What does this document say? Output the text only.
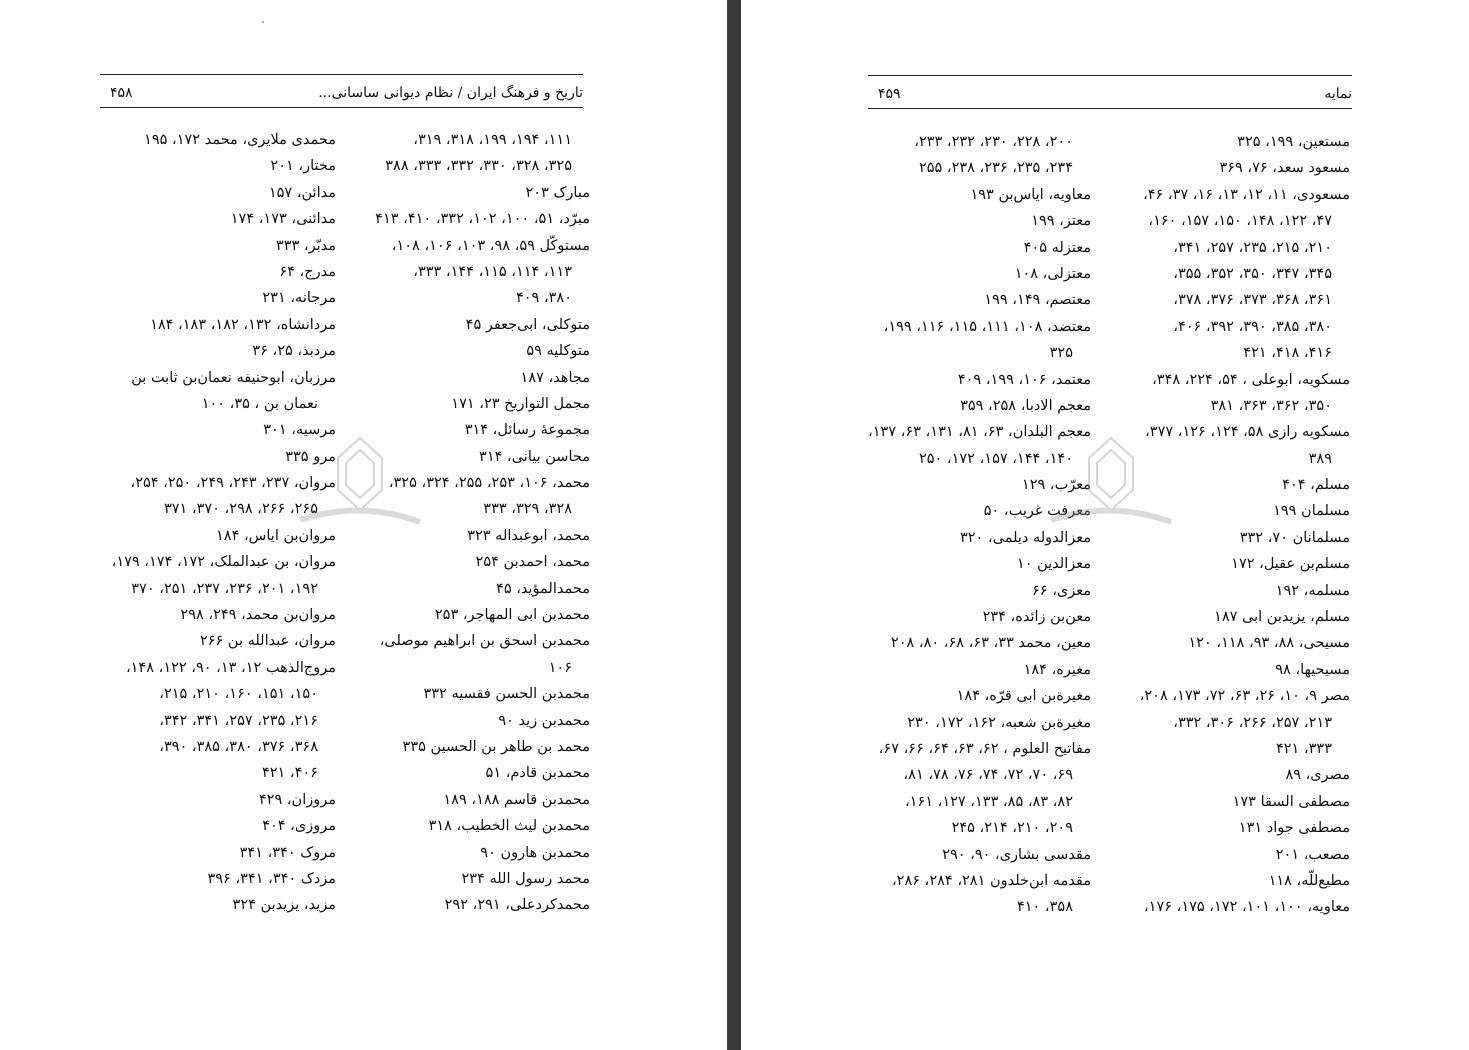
تاریخ و فرهنگ ایران / نظام دیوانی ساسانی...
۴۵۸
۱۱۱، ۱۹۴، ۱۹۹، ۳۱۸، ۳۱۹،
۳۲۵، ۳۲۸، ۳۳۰، ۳۳۲، ۳۳۳، ۳۸۸
مبارک ۲۰۳
مبرّد، ۵۱، ۱۰۰، ۱۰۲، ۳۳۲، ۴۱۰، ۴۱۳
مستوکّل ۵۹، ۹۸، ۱۰۳، ۱۰۶، ۱۰۸،
۱۱۳، ۱۱۴، ۱۱۵، ۱۴۴، ۳۳۳،
۳۸۰، ۴۰۹
متوکلی، ابی‌جعفر ۴۵
متوکلیه ۵۹
مجاهد، ۱۸۷
مجمل التواریخ ۲۳، ۱۷۱
مجموعهٔ رسائل، ۳۱۴
محاسن بیانی، ۳۱۴
محمد، ۱۰۶، ۲۵۳، ۲۵۵، ۳۲۴، ۳۲۵،
۳۲۸، ۳۲۹، ۳۳۳
محمد، ابوعبداله ۳۲۳
محمد، احمدبن ۲۵۴
محمدالمؤید، ۴۵
محمدبن ابی المهاجر، ۲۵۳
محمدبن اسحق بن ابراهیم موصلی،
۱۰۶
محمدبن الحسن فقسیه ۳۳۲
محمدبن زید ۹۰
محمد بن طاهر بن الحسین ۳۳۵
محمدبن قادم، ۵۱
محمدبن قاسم ۱۸۸، ۱۸۹
محمدبن لیث الخطیب، ۳۱۸
محمدبن هارون ۹۰
محمد رسول الله ۲۳۴
محمدکردعلی، ۲۹۱، ۲۹۲
محمدی ملایری، محمد ۱۷۲، ۱۹۵
مختار، ۲۰۱
مدائن، ۱۵۷
مدائنی، ۱۷۳، ۱۷۴
مدبّر، ۳۳۳
مدرج، ۶۴
مرجانه، ۲۳۱
مردانشاه، ۱۳۲، ۱۸۲، ۱۸۳، ۱۸۴
مردبذ، ۲۵، ۳۶
مرزبان، ابوحنیفه نعمان‌بن ثابت بن
نعمان بن ، ۳۵، ۱۰۰
مرسیه، ۳۰۱
مرو ۳۳۵
مروان، ۲۳۷، ۲۴۳، ۲۴۹، ۲۵۰، ۲۵۴،
۲۶۵، ۲۶۶، ۲۹۸، ۳۷۰، ۳۷۱
مروان‌بن ایاس، ۱۸۴
مروان، بن عبدالملک، ۱۷۲، ۱۷۴، ۱۷۹،
۱۹۲، ۲۰۱، ۲۳۶، ۲۳۷، ۲۵۱، ۳۷۰
مروان‌بن محمد، ۲۴۹، ۲۹۸
مروان، عبدالله بن ۲۶۶
مروج‌الذهب ۱۲، ۱۳، ۹۰، ۱۲۲، ۱۴۸،
۱۵۰، ۱۵۱، ۱۶۰، ۲۱۰، ۲۱۵،
۲۱۶، ۲۳۵، ۲۵۷، ۳۴۱، ۳۴۲،
۳۶۸، ۳۷۶، ۳۸۰، ۳۸۵، ۳۹۰،
۴۰۶، ۴۲۱
مروزان، ۴۲۹
مروزی، ۴۰۴
مروک ۳۴۰، ۳۴۱
مزدک ۳۴۰، ۳۴۱، ۳۹۶
مزید، یزیدبن ۳۲۴
نمایه
۴۵۹
مستعین، ۱۹۹، ۳۲۵
مسعود سعد، ۷۶، ۳۶۹
مسعودی، ۱۱، ۱۲، ۱۳، ۱۶، ۳۷، ۴۶،
۴۷، ۱۲۲، ۱۴۸، ۱۵۰، ۱۵۷، ۱۶۰،
۲۱۰، ۲۱۵، ۲۳۵، ۲۵۷، ۳۴۱،
۳۴۵، ۳۴۷، ۳۵۰، ۳۵۲، ۳۵۵،
۳۶۱، ۳۶۸، ۳۷۳، ۳۷۶، ۳۷۸،
۳۸۰، ۳۸۵، ۳۹۰، ۳۹۲، ۴۰۶،
۴۱۶، ۴۱۸، ۴۲۱
مسکویه، ابوعلی ، ۵۴، ۲۲۴، ۳۴۸،
۳۵۰، ۳۶۲، ۳۶۳، ۳۸۱
مسکویه رازی ۵۸، ۱۲۴، ۱۲۶، ۳۷۷،
۳۸۹
مسلم، ۴۰۴
مسلمان ۱۹۹
مسلمانان ۷۰، ۳۳۲
مسلم‌بن عقیل، ۱۷۲
مسلمه، ۱۹۲
مسلم، یزیدبن ابی ۱۸۷
مسیحی، ۸۸، ۹۳، ۱۱۸، ۱۲۰
مسیحیها، ۹۸
مصر ۹، ۱۰، ۲۶، ۶۳، ۷۲، ۱۷۳، ۲۰۸،
۲۱۳، ۲۵۷، ۲۶۶، ۳۰۶، ۳۳۲،
۳۳۳، ۴۲۱
مصری، ۸۹
مصطفی السقا ۱۷۳
مصطفی جواد ۱۳۱
مصعب، ۲۰۱
مطیع‌للّه، ۱۱۸
معاویه، ۱۰۰، ۱۰۱، ۱۷۲، ۱۷۵، ۱۷۶،
۲۰۰، ۲۲۸، ۲۳۰، ۲۳۲، ۲۳۳،
۲۳۴، ۲۳۵، ۲۳۶، ۲۳۸، ۲۵۵
معاویه، ایاس‌بن ۱۹۳
معتز، ۱۹۹
معتزله ۴۰۵
معتزلی، ۱۰۸
معتصم، ۱۴۹، ۱۹۹
معتضد، ۱۰۸، ۱۱۱، ۱۱۵، ۱۱۶، ۱۹۹،
۳۲۵
معتمد، ۱۰۶، ۱۹۹، ۴۰۹
معجم الادبا، ۲۵۸، ۳۵۹
معجم البلدان، ۶۳، ۸۱، ۱۳۱، ۶۳، ۱۳۷،
۱۴۰، ۱۴۴، ۱۵۷، ۱۷۲، ۲۵۰
معرّب، ۱۲۹
معرفت غریب، ۵۰
معزالدوله دیلمی، ۳۲۰
معزالدین ۱۰
معزی، ۶۶
معن‌بن زائده، ۲۳۴
معین، محمد ۳۳، ۶۳، ۶۸، ۸۰، ۲۰۸
مغیره، ۱۸۴
مغیرةبن ابی قرّه، ۱۸۴
مغیرةبن شعبه، ۱۶۲، ۱۷۲، ۲۳۰
مفاتیح العلوم ، ۶۲، ۶۳، ۶۴، ۶۶، ۶۷،
۶۹، ۷۰، ۷۲، ۷۴، ۷۶، ۷۸، ۸۱،
۸۲، ۸۳، ۸۵، ۱۳۳، ۱۲۷، ۱۶۱،
۲۰۹، ۲۱۰، ۲۱۴، ۲۴۵
مقدسی بشاری، ۹۰، ۲۹۰
مقدمه ابن‌خلدون ۲۸۱، ۲۸۴، ۲۸۶،
۳۵۸، ۴۱۰
